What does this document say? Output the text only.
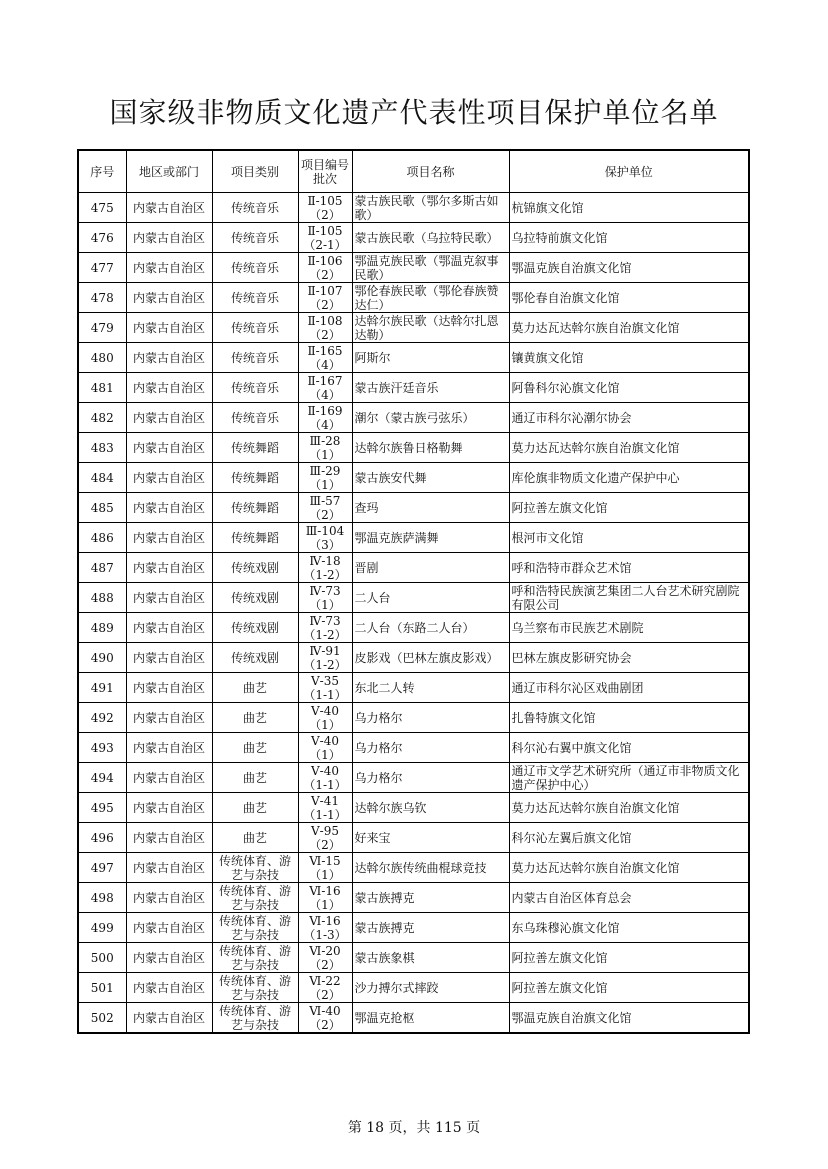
国家级非物质文化遗产代表性项目保护单位名单
序号	地区或部门	项目类别	项目编号批次	项目名称	保护单位
475	内蒙古自治区	传统音乐	Ⅱ-105（2）	蒙古族民歌（鄂尔多斯古如歌）	杭锦旗文化馆
476	内蒙古自治区	传统音乐	Ⅱ-105（2-1）	蒙古族民歌（乌拉特民歌）	乌拉特前旗文化馆
477	内蒙古自治区	传统音乐	Ⅱ-106（2）	鄂温克族民歌（鄂温克叙事民歌）	鄂温克族自治旗文化馆
478	内蒙古自治区	传统音乐	Ⅱ-107（2）	鄂伦春族民歌（鄂伦春族赞达仁）	鄂伦春自治旗文化馆
479	内蒙古自治区	传统音乐	Ⅱ-108（2）	达斡尔族民歌（达斡尔扎恩达勒）	莫力达瓦达斡尔族自治旗文化馆
480	内蒙古自治区	传统音乐	Ⅱ-165（4）	阿斯尔	镶黄旗文化馆
481	内蒙古自治区	传统音乐	Ⅱ-167（4）	蒙古族汗廷音乐	阿鲁科尔沁旗文化馆
482	内蒙古自治区	传统音乐	Ⅱ-169（4）	潮尔（蒙古族弓弦乐）	通辽市科尔沁潮尔协会
483	内蒙古自治区	传统舞蹈	Ⅲ-28（1）	达斡尔族鲁日格勒舞	莫力达瓦达斡尔族自治旗文化馆
484	内蒙古自治区	传统舞蹈	Ⅲ-29（1）	蒙古族安代舞	库伦旗非物质文化遗产保护中心
485	内蒙古自治区	传统舞蹈	Ⅲ-57（2）	查玛	阿拉善左旗文化馆
486	内蒙古自治区	传统舞蹈	Ⅲ-104（3）	鄂温克族萨满舞	根河市文化馆
487	内蒙古自治区	传统戏剧	Ⅳ-18（1-2）	晋剧	呼和浩特市群众艺术馆
488	内蒙古自治区	传统戏剧	Ⅳ-73（1）	二人台	呼和浩特民族演艺集团二人台艺术研究剧院有限公司
489	内蒙古自治区	传统戏剧	Ⅳ-73（1-2）	二人台（东路二人台）	乌兰察布市民族艺术剧院
490	内蒙古自治区	传统戏剧	Ⅳ-91（1-2）	皮影戏（巴林左旗皮影戏）	巴林左旗皮影研究协会
491	内蒙古自治区	曲艺	Ⅴ-35（1-1）	东北二人转	通辽市科尔沁区戏曲剧团
492	内蒙古自治区	曲艺	Ⅴ-40（1）	乌力格尔	扎鲁特旗文化馆
493	内蒙古自治区	曲艺	Ⅴ-40（1）	乌力格尔	科尔沁右翼中旗文化馆
494	内蒙古自治区	曲艺	Ⅴ-40（1-1）	乌力格尔	通辽市文学艺术研究所（通辽市非物质文化遗产保护中心）
495	内蒙古自治区	曲艺	Ⅴ-41（1-1）	达斡尔族乌钦	莫力达瓦达斡尔族自治旗文化馆
496	内蒙古自治区	曲艺	Ⅴ-95（2）	好来宝	科尔沁左翼后旗文化馆
497	内蒙古自治区	传统体育、游艺与杂技	Ⅵ-15（1）	达斡尔族传统曲棍球竞技	莫力达瓦达斡尔族自治旗文化馆
498	内蒙古自治区	传统体育、游艺与杂技	Ⅵ-16（1）	蒙古族搏克	内蒙古自治区体育总会
499	内蒙古自治区	传统体育、游艺与杂技	Ⅵ-16（1-3）	蒙古族搏克	东乌珠穆沁旗文化馆
500	内蒙古自治区	传统体育、游艺与杂技	Ⅵ-20（2）	蒙古族象棋	阿拉善左旗文化馆
501	内蒙古自治区	传统体育、游艺与杂技	Ⅵ-22（2）	沙力搏尔式摔跤	阿拉善左旗文化馆
502	内蒙古自治区	传统体育、游艺与杂技	Ⅵ-40（2）	鄂温克抢枢	鄂温克族自治旗文化馆
第 18 页，共 115 页
